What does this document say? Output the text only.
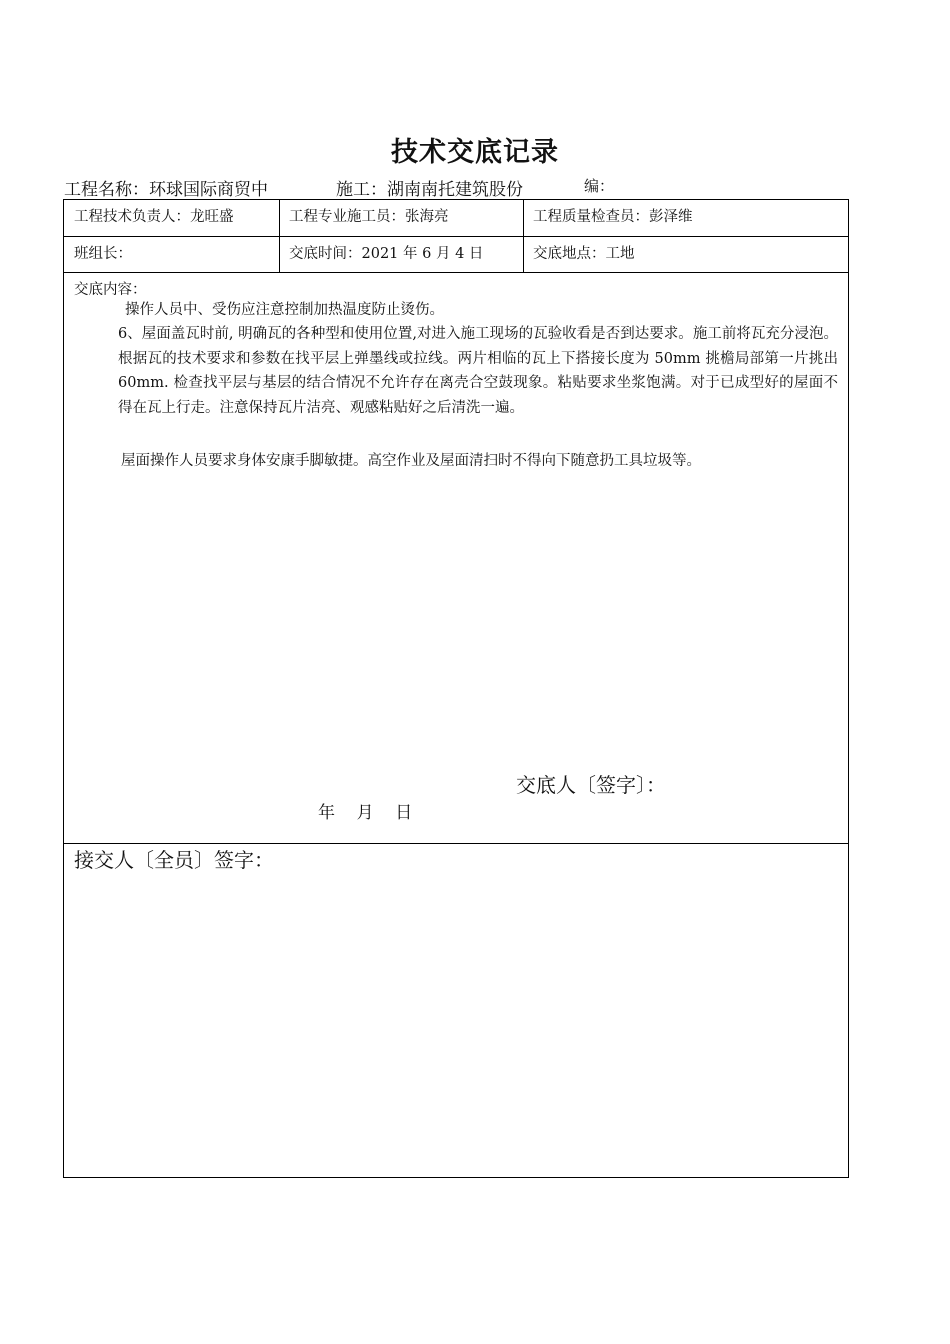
技术交底记录
工程名称：环球国际商贸中	施工：湖南南托建筑股份	编：
工程技术负责人：龙旺盛	工程专业施工员：张海亮	工程质量检查员：彭泽维
班组长：	交底时间：2021 年 6 月 4 日	交底地点：工地
交底内容：
操作人员中、受伤应注意控制加热温度防止烫伤。
6、屋面盖瓦时前, 明确瓦的各种型和使用位置,对进入施工现场的瓦验收看是否到达要求。施工前将瓦充分浸泡。根据瓦的技术要求和参数在找平层上弹墨线或拉线。两片相临的瓦上下搭接长度为 50mm 挑檐局部第一片挑出 60mm. 检查找平层与基层的结合情况不允许存在离壳合空鼓现象。粘贴要求坐浆饱满。对于已成型好的屋面不得在瓦上行走。注意保持瓦片洁亮、观感粘贴好之后清洗一遍。
屋面操作人员要求身体安康手脚敏捷。高空作业及屋面清扫时不得向下随意扔工具垃圾等。
交底人〔签字〕：
年    月    日
接交人〔全员〕签字：
